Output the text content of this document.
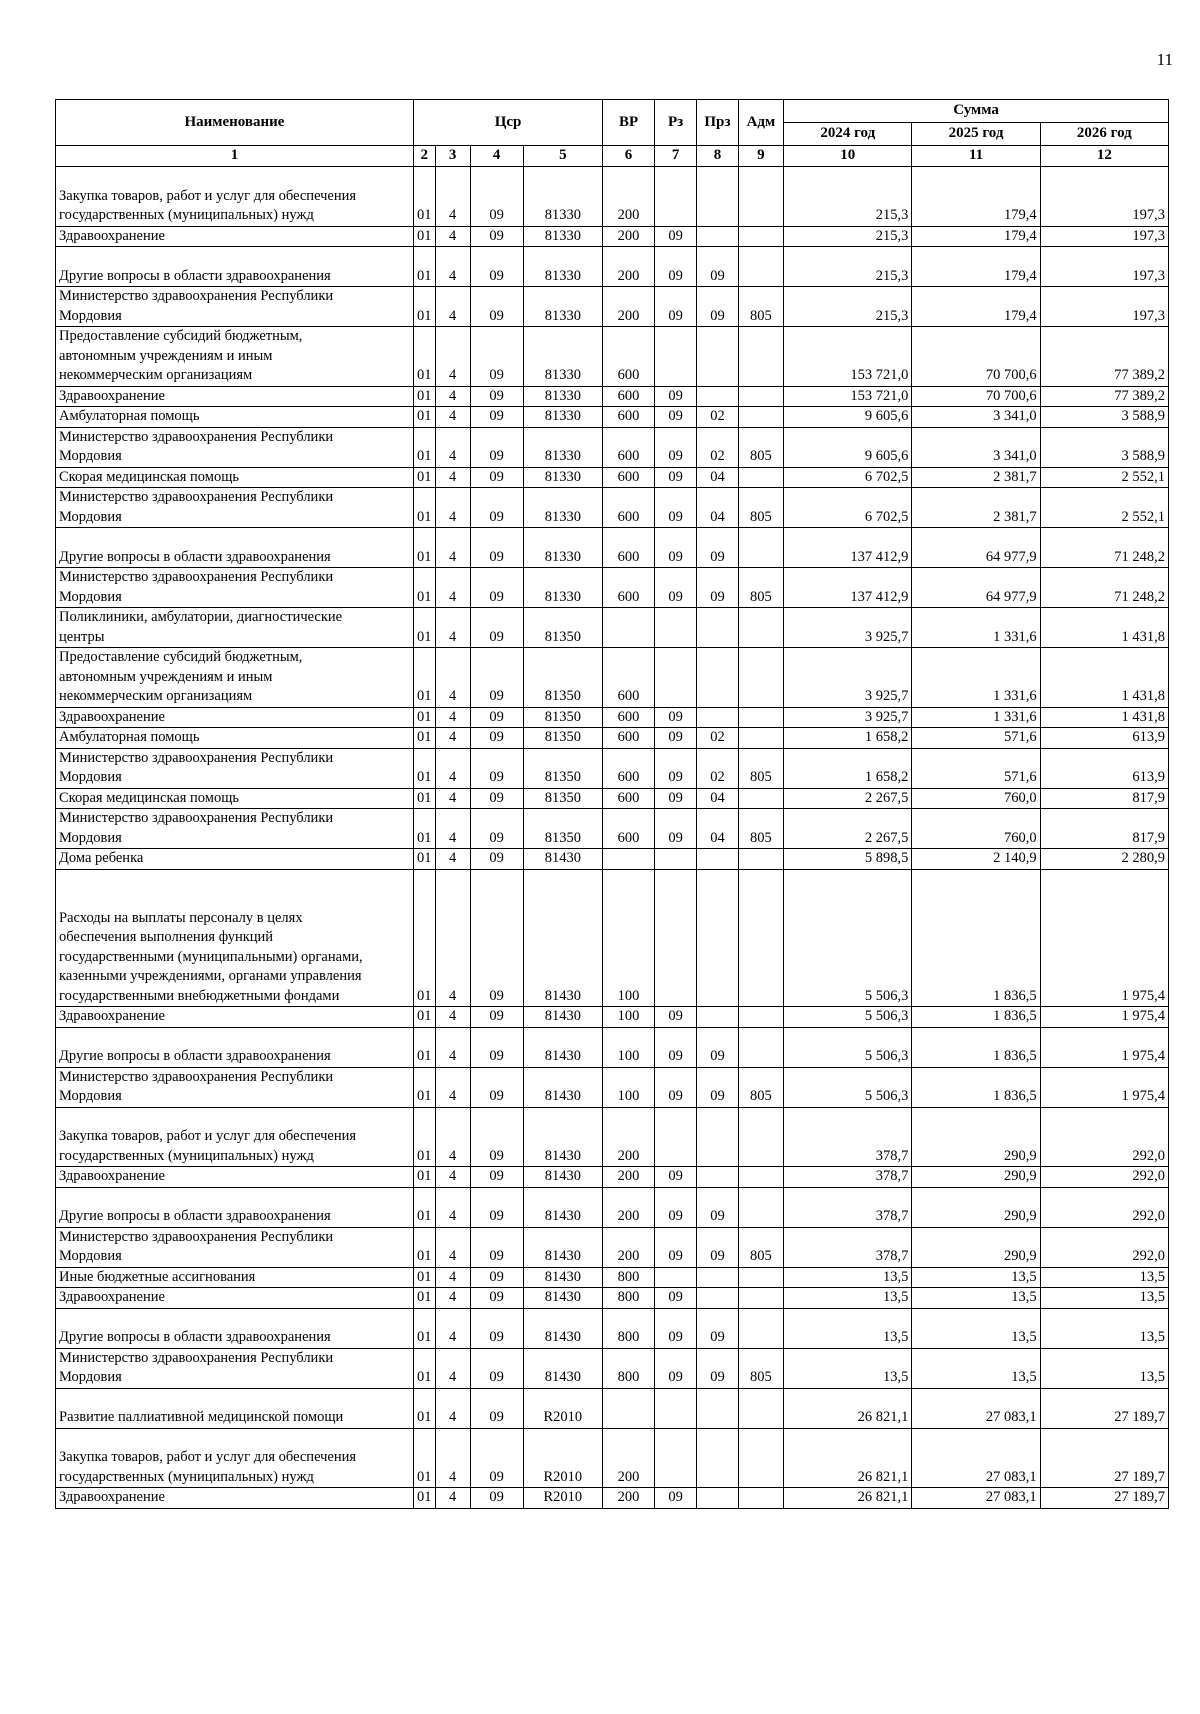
11
Наименование	Цср				ВР	Рз	Прз	Адм	Сумма		
									2024 год	2025 год	2026 год
1	2	3	4	5	6	7	8	9	10	11	12

Закупка товаров, работ и услуг для обеспечения
государственных (муниципальных) нужд	01	4	09	81330	200				215,3	179,4	197,3

Здравоохранение	01	4	09	81330	200	09			215,3	179,4	197,3

Другие вопросы в области здравоохранения	01	4	09	81330	200	09	09		215,3	179,4	197,3

Министерство здравоохранения Республики
Мордовия	01	4	09	81330	200	09	09	805	215,3	179,4	197,3

Предоставление субсидий бюджетным,
автономным учреждениям и иным
некоммерческим организациям	01	4	09	81330	600				153 721,0	70 700,6	77 389,2

Здравоохранение	01	4	09	81330	600	09			153 721,0	70 700,6	77 389,2

Амбулаторная помощь	01	4	09	81330	600	09	02		9 605,6	3 341,0	3 588,9

Министерство здравоохранения Республики
Мордовия	01	4	09	81330	600	09	02	805	9 605,6	3 341,0	3 588,9

Скорая медицинская помощь	01	4	09	81330	600	09	04		6 702,5	2 381,7	2 552,1

Министерство здравоохранения Республики
Мордовия	01	4	09	81330	600	09	04	805	6 702,5	2 381,7	2 552,1

Другие вопросы в области здравоохранения	01	4	09	81330	600	09	09		137 412,9	64 977,9	71 248,2

Министерство здравоохранения Республики
Мордовия	01	4	09	81330	600	09	09	805	137 412,9	64 977,9	71 248,2

Поликлиники, амбулатории, диагностические
центры	01	4	09	81350					3 925,7	1 331,6	1 431,8

Предоставление субсидий бюджетным,
автономным учреждениям и иным
некоммерческим организациям	01	4	09	81350	600				3 925,7	1 331,6	1 431,8

Здравоохранение	01	4	09	81350	600	09			3 925,7	1 331,6	1 431,8

Амбулаторная помощь	01	4	09	81350	600	09	02		1 658,2	571,6	613,9

Министерство здравоохранения Республики
Мордовия	01	4	09	81350	600	09	02	805	1 658,2	571,6	613,9

Скорая медицинская помощь	01	4	09	81350	600	09	04		2 267,5	760,0	817,9

Министерство здравоохранения Республики
Мордовия	01	4	09	81350	600	09	04	805	2 267,5	760,0	817,9

Дома ребенка	01	4	09	81430					5 898,5	2 140,9	2 280,9

Расходы на выплаты персоналу в целях
обеспечения выполнения функций
государственными (муниципальными) органами,
казенными учреждениями, органами управления
государственными внебюджетными фондами	01	4	09	81430	100				5 506,3	1 836,5	1 975,4

Здравоохранение	01	4	09	81430	100	09			5 506,3	1 836,5	1 975,4

Другие вопросы в области здравоохранения	01	4	09	81430	100	09	09		5 506,3	1 836,5	1 975,4

Министерство здравоохранения Республики
Мордовия	01	4	09	81430	100	09	09	805	5 506,3	1 836,5	1 975,4

Закупка товаров, работ и услуг для обеспечения
государственных (муниципальных) нужд	01	4	09	81430	200				378,7	290,9	292,0

Здравоохранение	01	4	09	81430	200	09			378,7	290,9	292,0

Другие вопросы в области здравоохранения	01	4	09	81430	200	09	09		378,7	290,9	292,0

Министерство здравоохранения Республики
Мордовия	01	4	09	81430	200	09	09	805	378,7	290,9	292,0

Иные бюджетные ассигнования	01	4	09	81430	800				13,5	13,5	13,5

Здравоохранение	01	4	09	81430	800	09			13,5	13,5	13,5

Другие вопросы в области здравоохранения	01	4	09	81430	800	09	09		13,5	13,5	13,5

Министерство здравоохранения Республики
Мордовия	01	4	09	81430	800	09	09	805	13,5	13,5	13,5

Развитие паллиативной медицинской помощи	01	4	09	R2010					26 821,1	27 083,1	27 189,7

Закупка товаров, работ и услуг для обеспечения
государственных (муниципальных) нужд	01	4	09	R2010	200				26 821,1	27 083,1	27 189,7

Здравоохранение	01	4	09	R2010	200	09			26 821,1	27 083,1	27 189,7
